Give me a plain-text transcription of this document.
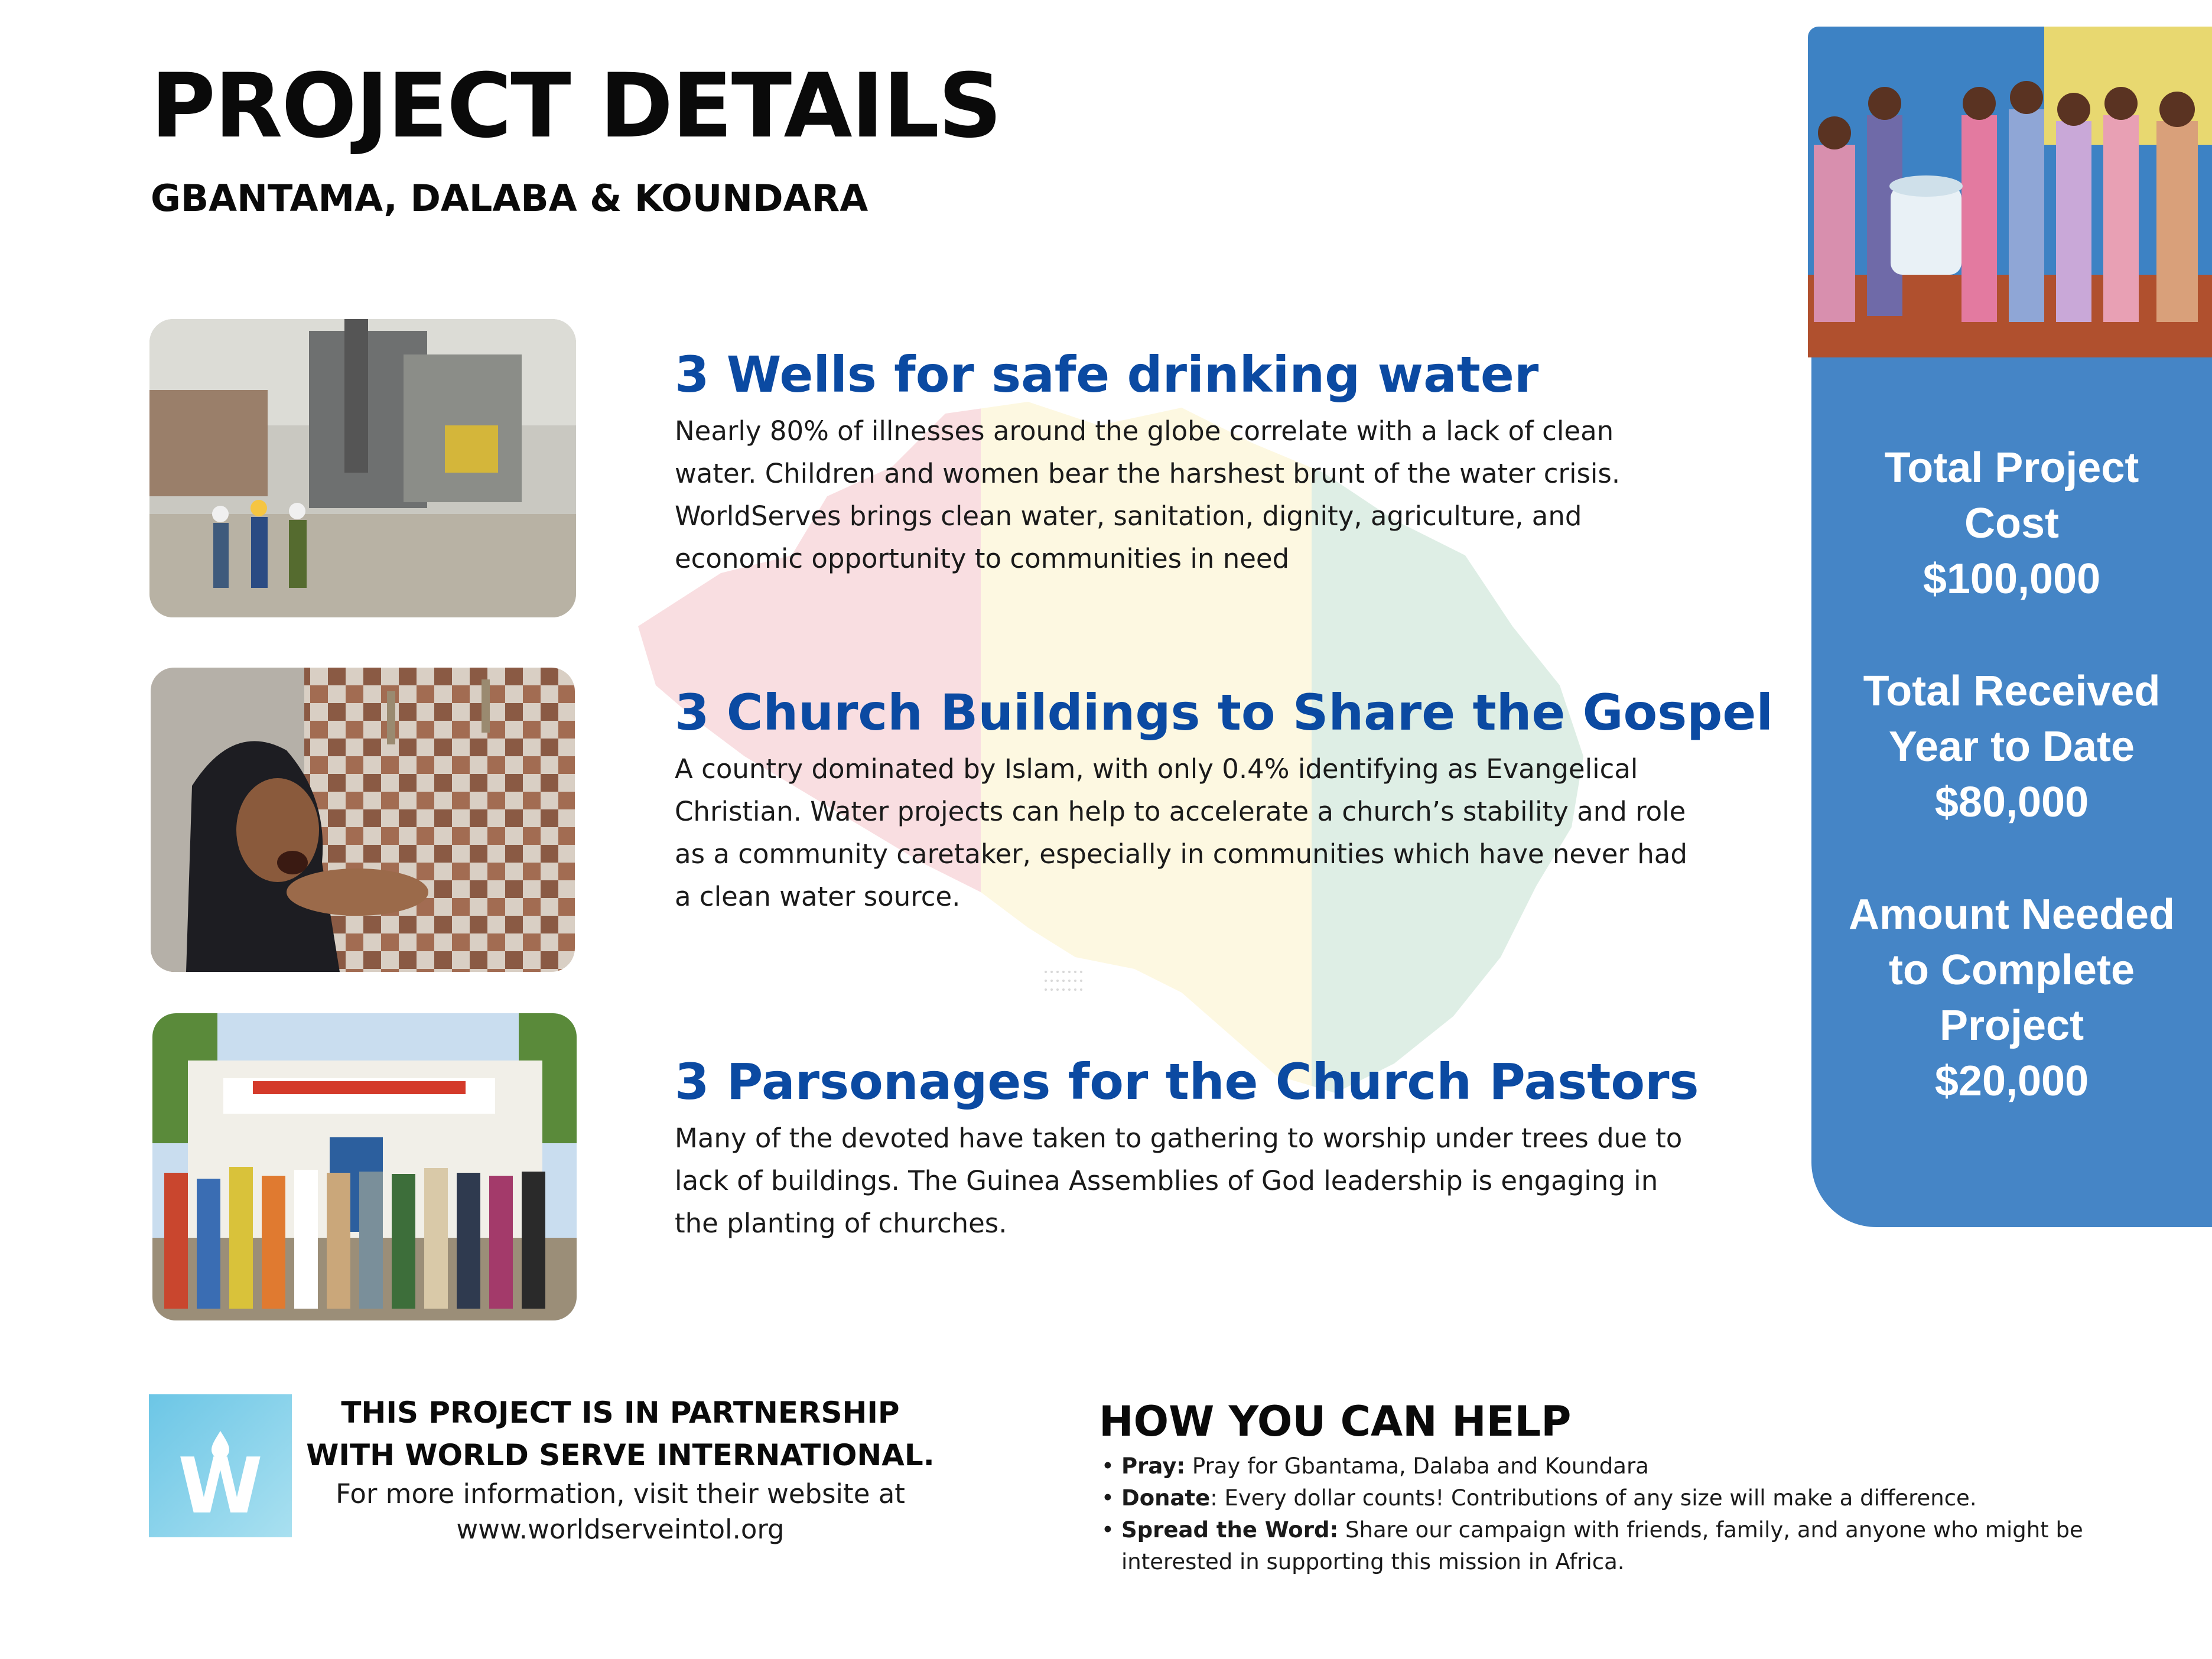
PROJECT DETAILS
GBANTAMA, DALABA & KOUNDARA
3 Wells for safe drinking water
Nearly 80% of illnesses around the globe correlate with a lack of clean water. Children and women bear the harshest brunt of the water crisis. WorldServes brings clean water, sanitation, dignity, agriculture, and economic opportunity to communities in need
3 Church Buildings to Share the Gospel
A country dominated by Islam, with only 0.4% identifying as Evangelical Christian. Water projects can help to accelerate a church’s stability and role as a community caretaker, especially in communities which have never had a clean water source.
3 Parsonages for the Church Pastors
Many of the devoted have taken to gathering to worship under trees due to lack of buildings. The Guinea Assemblies of God leadership is engaging in the planting of churches.
Total Project
Cost
$100,000
Total Received
Year to Date
$80,000
Amount Needed
to Complete
Project
$20,000
W
THIS PROJECT IS IN PARTNERSHIP
WITH WORLD SERVE INTERNATIONAL.
For more information, visit their website at
www.worldserveintol.org
HOW YOU CAN HELP
• Pray: Pray for Gbantama, Dalaba and Koundara
• Donate: Every dollar counts! Contributions of any size will make a difference.
• Spread the Word: Share our campaign with friends, family, and anyone who might be interested in supporting this mission in Africa.
